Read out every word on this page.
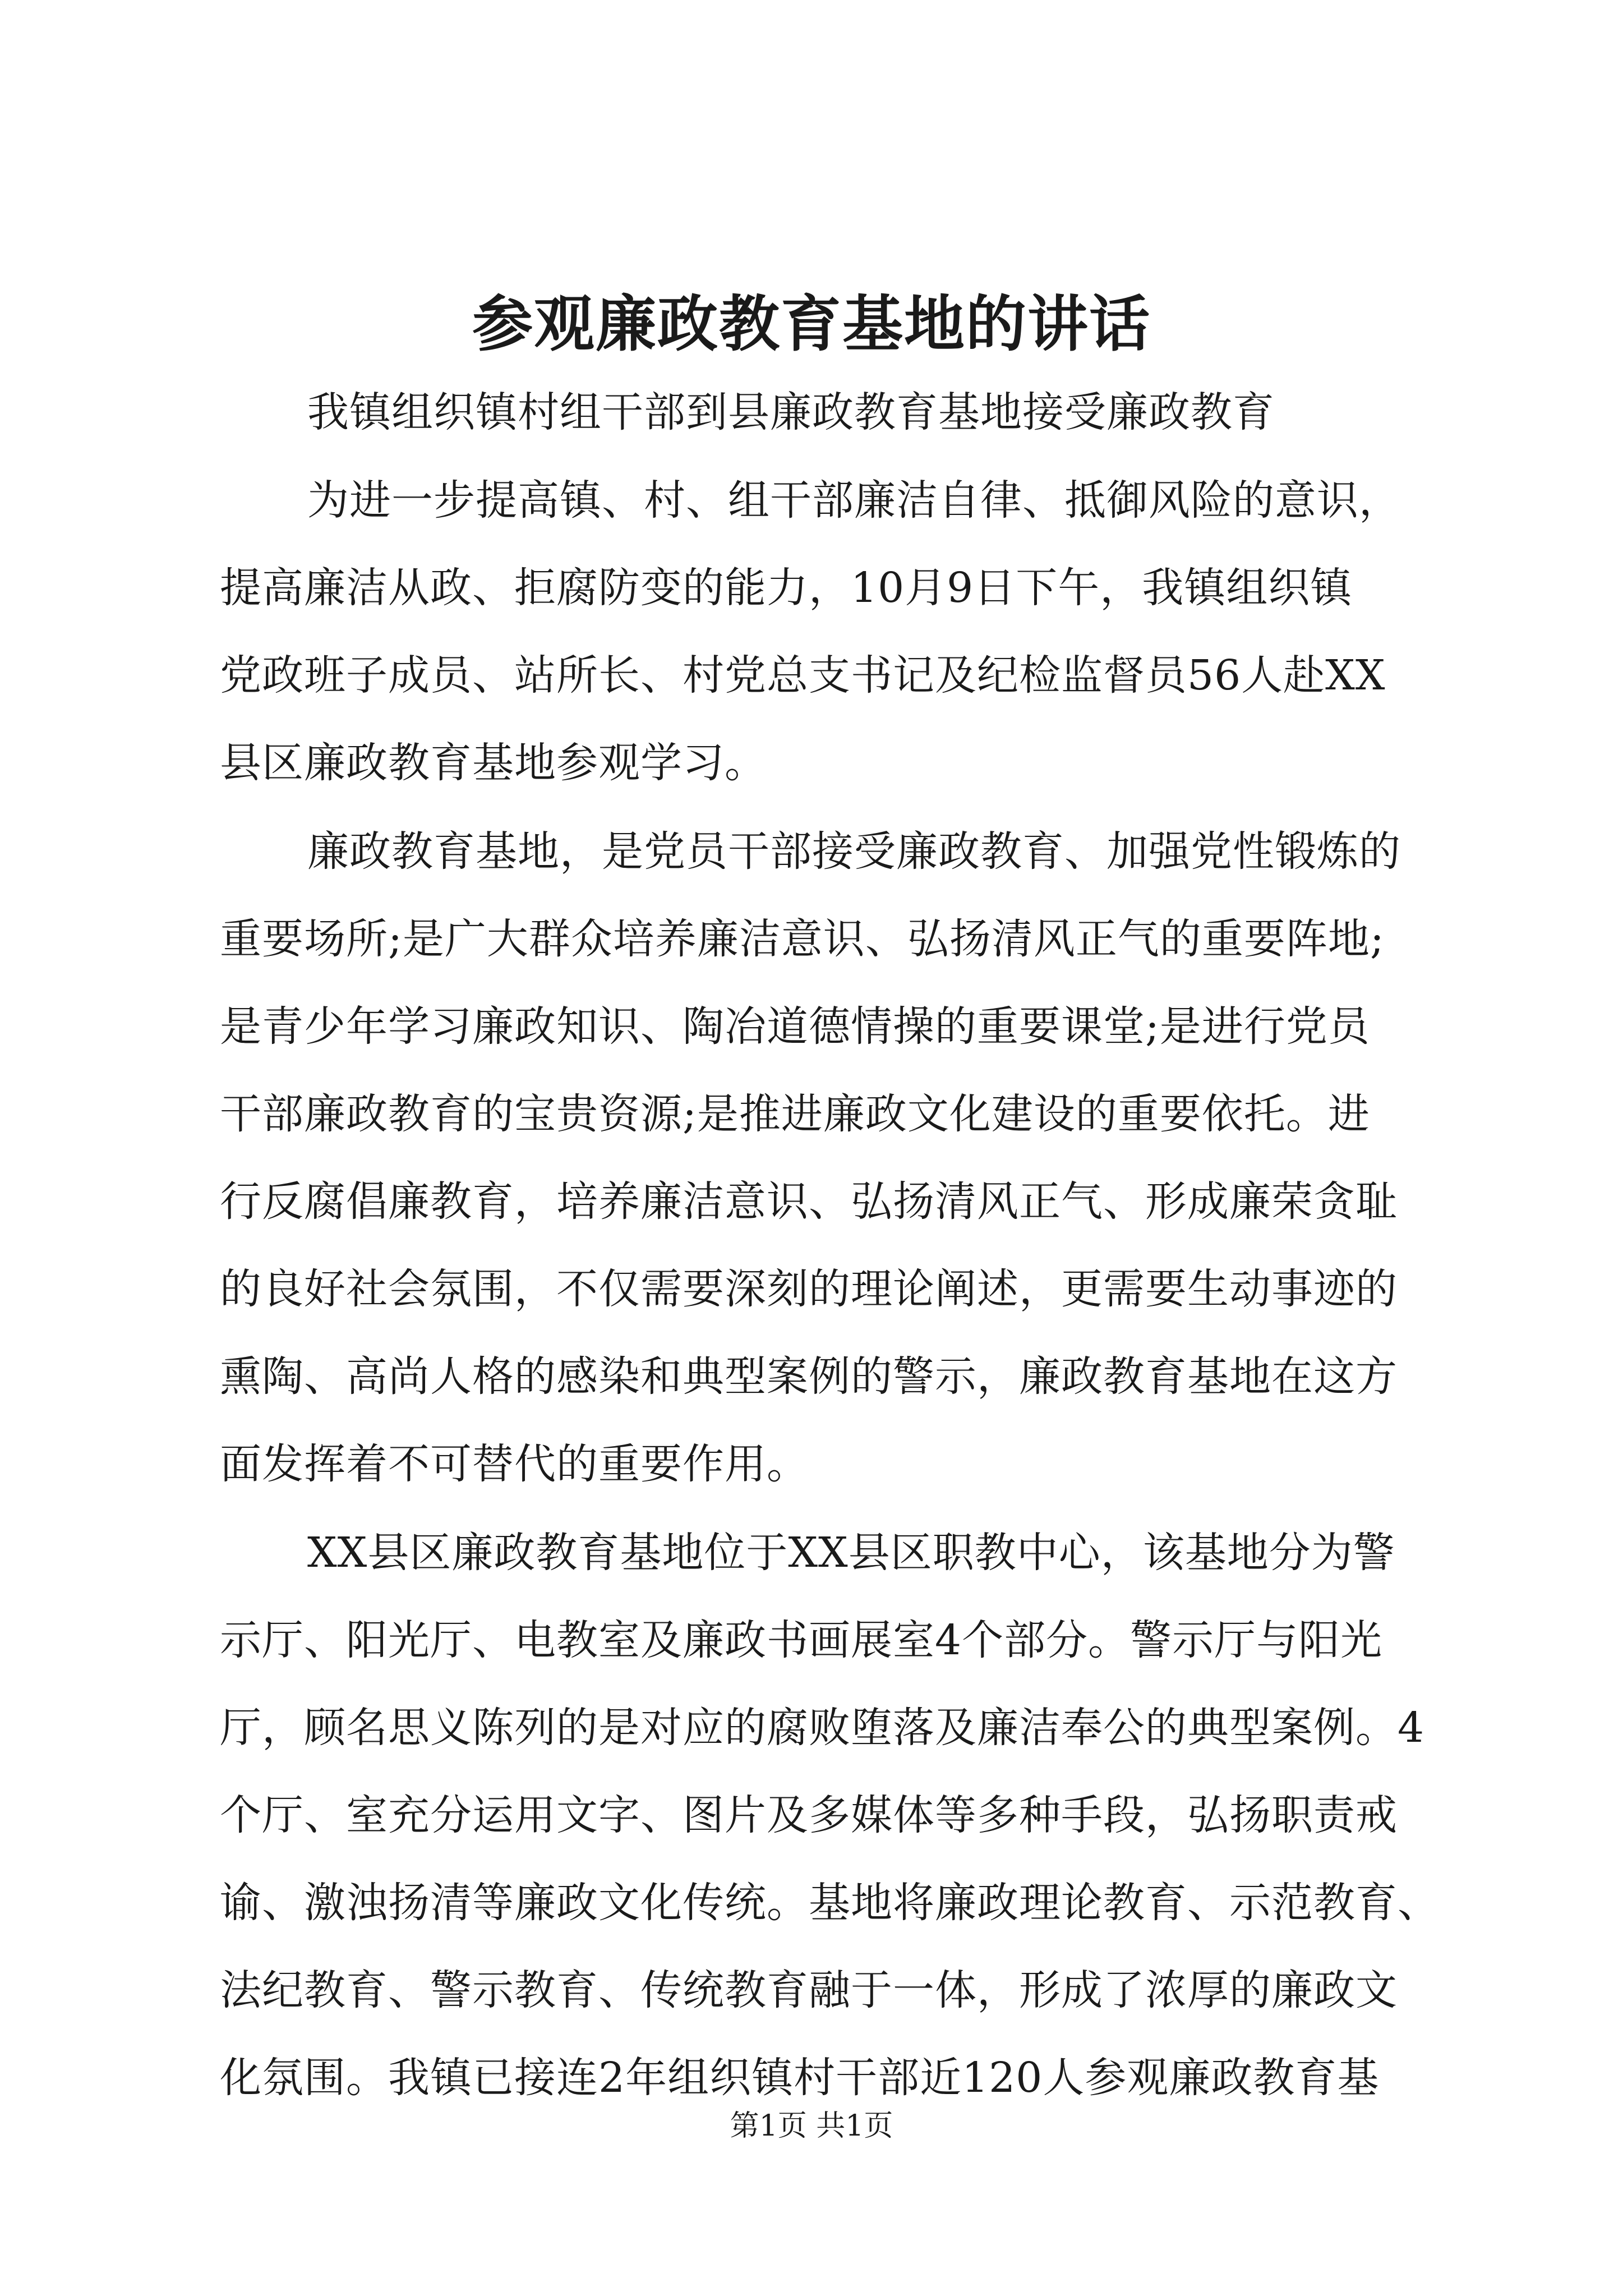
参观廉政教育基地的讲话
我镇组织镇村组干部到县廉政教育基地接受廉政教育
为进一步提高镇、村、组干部廉洁自律、抵御风险的意识，
提高廉洁从政、拒腐防变的能力，10月9日下午，我镇组织镇
党政班子成员、站所长、村党总支书记及纪检监督员56人赴XX
县区廉政教育基地参观学习。
廉政教育基地，是党员干部接受廉政教育、加强党性锻炼的
重要场所;是广大群众培养廉洁意识、弘扬清风正气的重要阵地;
是青少年学习廉政知识、陶冶道德情操的重要课堂;是进行党员
干部廉政教育的宝贵资源;是推进廉政文化建设的重要依托。进
行反腐倡廉教育，培养廉洁意识、弘扬清风正气、形成廉荣贪耻
的良好社会氛围，不仅需要深刻的理论阐述，更需要生动事迹的
熏陶、高尚人格的感染和典型案例的警示，廉政教育基地在这方
面发挥着不可替代的重要作用。
XX县区廉政教育基地位于XX县区职教中心，该基地分为警
示厅、阳光厅、电教室及廉政书画展室4个部分。警示厅与阳光
厅，顾名思义陈列的是对应的腐败堕落及廉洁奉公的典型案例。4
个厅、室充分运用文字、图片及多媒体等多种手段，弘扬职责戒
谕、激浊扬清等廉政文化传统。基地将廉政理论教育、示范教育、
法纪教育、警示教育、传统教育融于一体，形成了浓厚的廉政文
化氛围。我镇已接连2年组织镇村干部近120人参观廉政教育基
第1页 共1页
